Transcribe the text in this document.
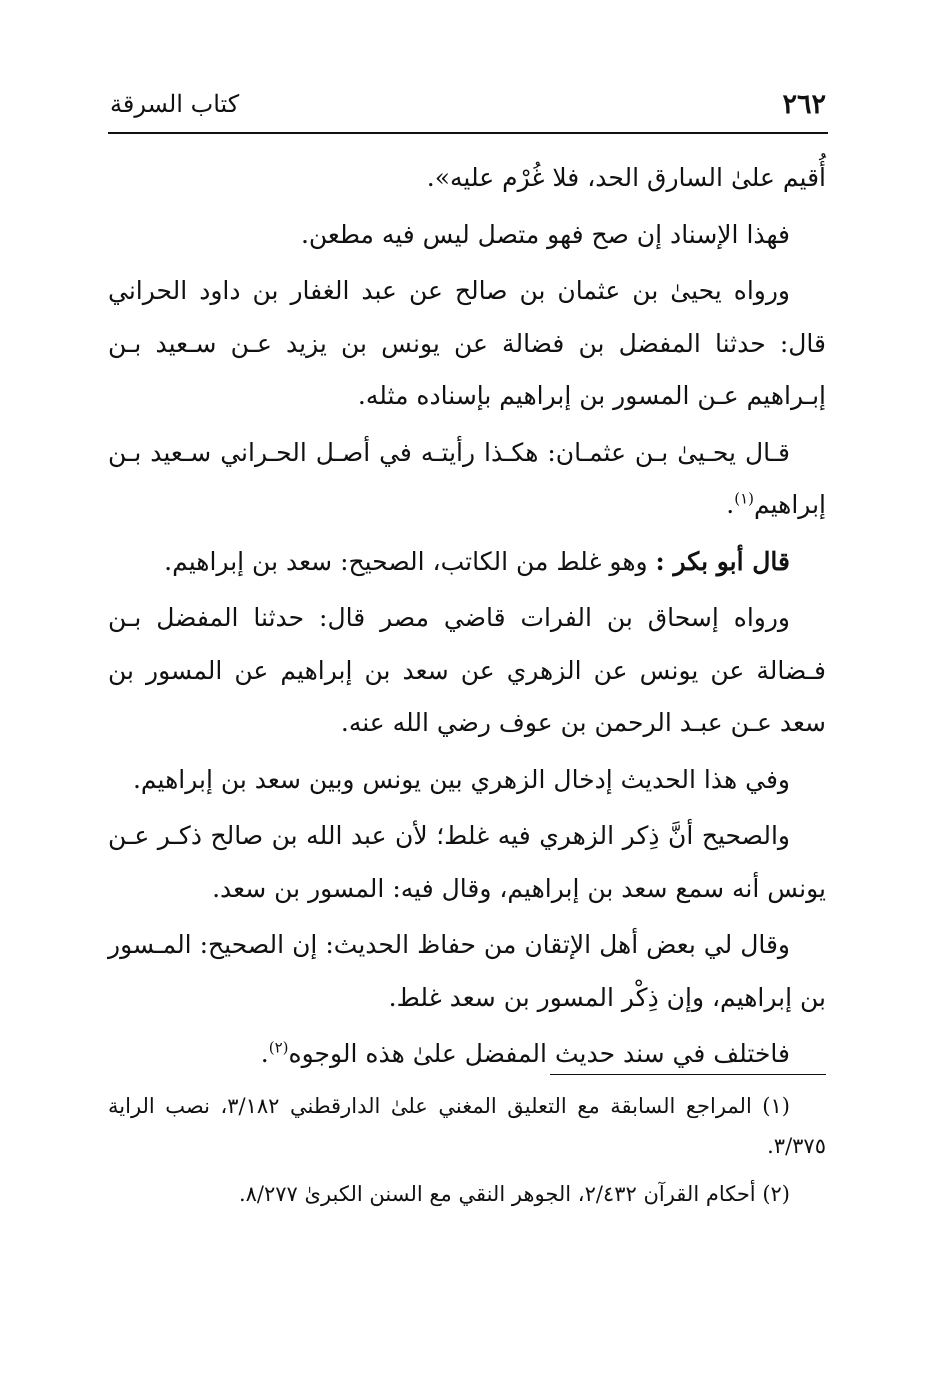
٢٦٢
كتاب السرقة

أُقيم علىٰ السارق الحد، فلا غُرْم عليه».

فهذا الإسناد إن صح فهو متصل ليس فيه مطعن.

ورواه يحيىٰ بن عثمان بن صالح عن عبد الغفار بن داود الحراني قال: حدثنا المفضل بن فضالة عن يونس بن يزيد عـن سـعيد بـن إبـراهيم عـن المسور بن إبراهيم بإسناده مثله.

قـال يحـيىٰ بـن عثمـان: هكـذا رأيتـه في أصـل الحـراني سـعيد بـن إبراهيم$^{(١)}$.

قال أبو بكر : وهو غلط من الكاتب، الصحيح: سعد بن إبراهيم.

ورواه إسحاق بن الفرات قاضي مصر قال: حدثنا المفضل بـن فـضالة عن يونس عن الزهري عن سعد بن إبراهيم عن المسور بن سعد عـن عبـد الرحمن بن عوف رضي الله عنه.

وفي هذا الحديث إدخال الزهري بين يونس وبين سعد بن إبراهيم.

والصحيح أنَّ ذِكر الزهري فيه غلط؛ لأن عبد الله بن صالح ذكـر عـن يونس أنه سمع سعد بن إبراهيم، وقال فيه: المسور بن سعد.

وقال لي بعض أهل الإتقان من حفاظ الحديث: إن الصحيح: المـسور بن إبراهيم، وإن ذِكْر المسور بن سعد غلط.

فاختلف في سند حديث المفضل علىٰ هذه الوجوه$^{(٢)}$.

(١) المراجع السابقة مع التعليق المغني علىٰ الدارقطني ٣/١٨٢، نصب الراية ٣/٣٧٥.

(٢) أحكام القرآن ٢/٤٣٢، الجوهر النقي مع السنن الكبرىٰ ٨/٢٧٧.
